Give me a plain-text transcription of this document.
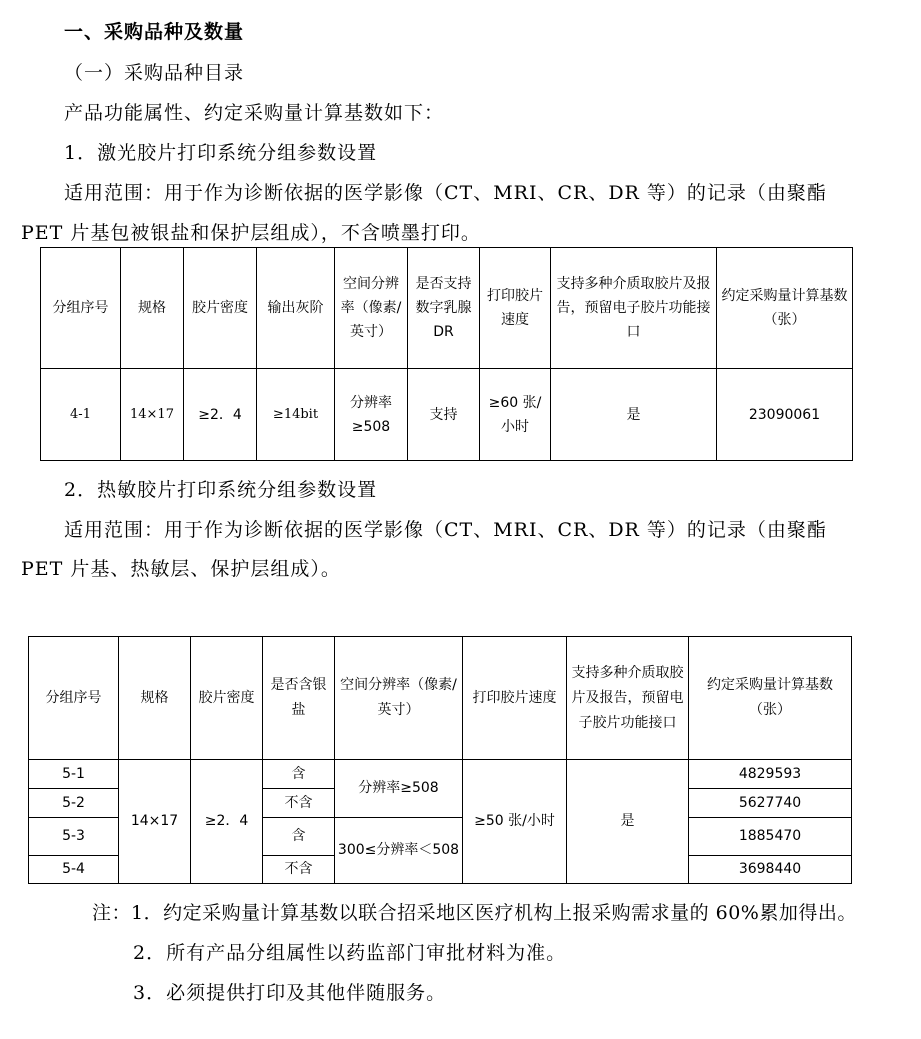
一、采购品种及数量
（一）采购品种目录
产品功能属性、约定采购量计算基数如下：
1．激光胶片打印系统分组参数设置
适用范围：用于作为诊断依据的医学影像（CT、MRI、CR、DR 等）的记录（由聚酯
PET 片基包被银盐和保护层组成），不含喷墨打印。
分组序号	规格	胶片密度	输出灰阶	空间分辨率（像素/英寸）	是否支持数字乳腺 DR	打印胶片速度	支持多种介质取胶片及报告，预留电子胶片功能接口	约定采购量计算基数（张）
4-1	14×17	≥2．4	≥14bit	分辨率≥508	支持	≥60 张/小时	是	23090061
2．热敏胶片打印系统分组参数设置
适用范围：用于作为诊断依据的医学影像（CT、MRI、CR、DR 等）的记录（由聚酯
PET 片基、热敏层、保护层组成）。
分组序号	规格	胶片密度	是否含银盐	空间分辨率（像素/英寸）	打印胶片速度	支持多种介质取胶片及报告，预留电子胶片功能接口	约定采购量计算基数（张）
5-1	14×17	≥2．4	含	分辨率≥508	≥50 张/小时	是	4829593
5-2			不含				5627740
5-3			含	300≤分辨率＜508			1885470
5-4			不含				3698440
注：1．约定采购量计算基数以联合招采地区医疗机构上报采购需求量的 60%累加得出。
2．所有产品分组属性以药监部门审批材料为准。
3．必须提供打印及其他伴随服务。
